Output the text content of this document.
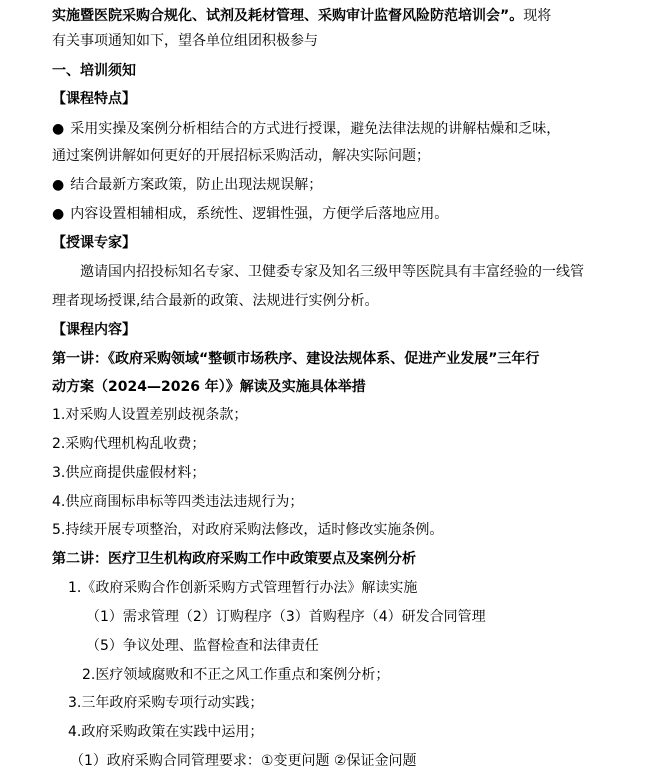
实施暨医院采购合规化、试剂及耗材管理、采购审计监督风险防范培训会”。现将
有关事项通知如下，望各单位组团积极参与
一、培训须知
【课程特点】
● 采用实操及案例分析相结合的方式进行授课，避免法律法规的讲解枯燥和乏味，
通过案例讲解如何更好的开展招标采购活动，解决实际问题；
● 结合最新方案政策，防止出现法规误解；
● 内容设置相辅相成，系统性、逻辑性强，方便学后落地应用。
【授课专家】
邀请国内招投标知名专家、卫健委专家及知名三级甲等医院具有丰富经验的一线管
理者现场授课,结合最新的政策、法规进行实例分析。
【课程内容】
第一讲：《政府采购领域“整顿市场秩序、建设法规体系、促进产业发展”三年行
动方案（2024—2026 年）》解读及实施具体举措
1.对采购人设置差别歧视条款；
2.采购代理机构乱收费；
3.供应商提供虚假材料；
4.供应商围标串标等四类违法违规行为；
5.持续开展专项整治，对政府采购法修改，适时修改实施条例。
第二讲：医疗卫生机构政府采购工作中政策要点及案例分析
1.《政府采购合作创新采购方式管理暂行办法》解读实施
（1）需求管理（2）订购程序（3）首购程序（4）研发合同管理
（5）争议处理、监督检查和法律责任
2.医疗领域腐败和不正之风工作重点和案例分析；
3.三年政府采购专项行动实践；
4.政府采购政策在实践中运用；
（1）政府采购合同管理要求：①变更问题 ②保证金问题
